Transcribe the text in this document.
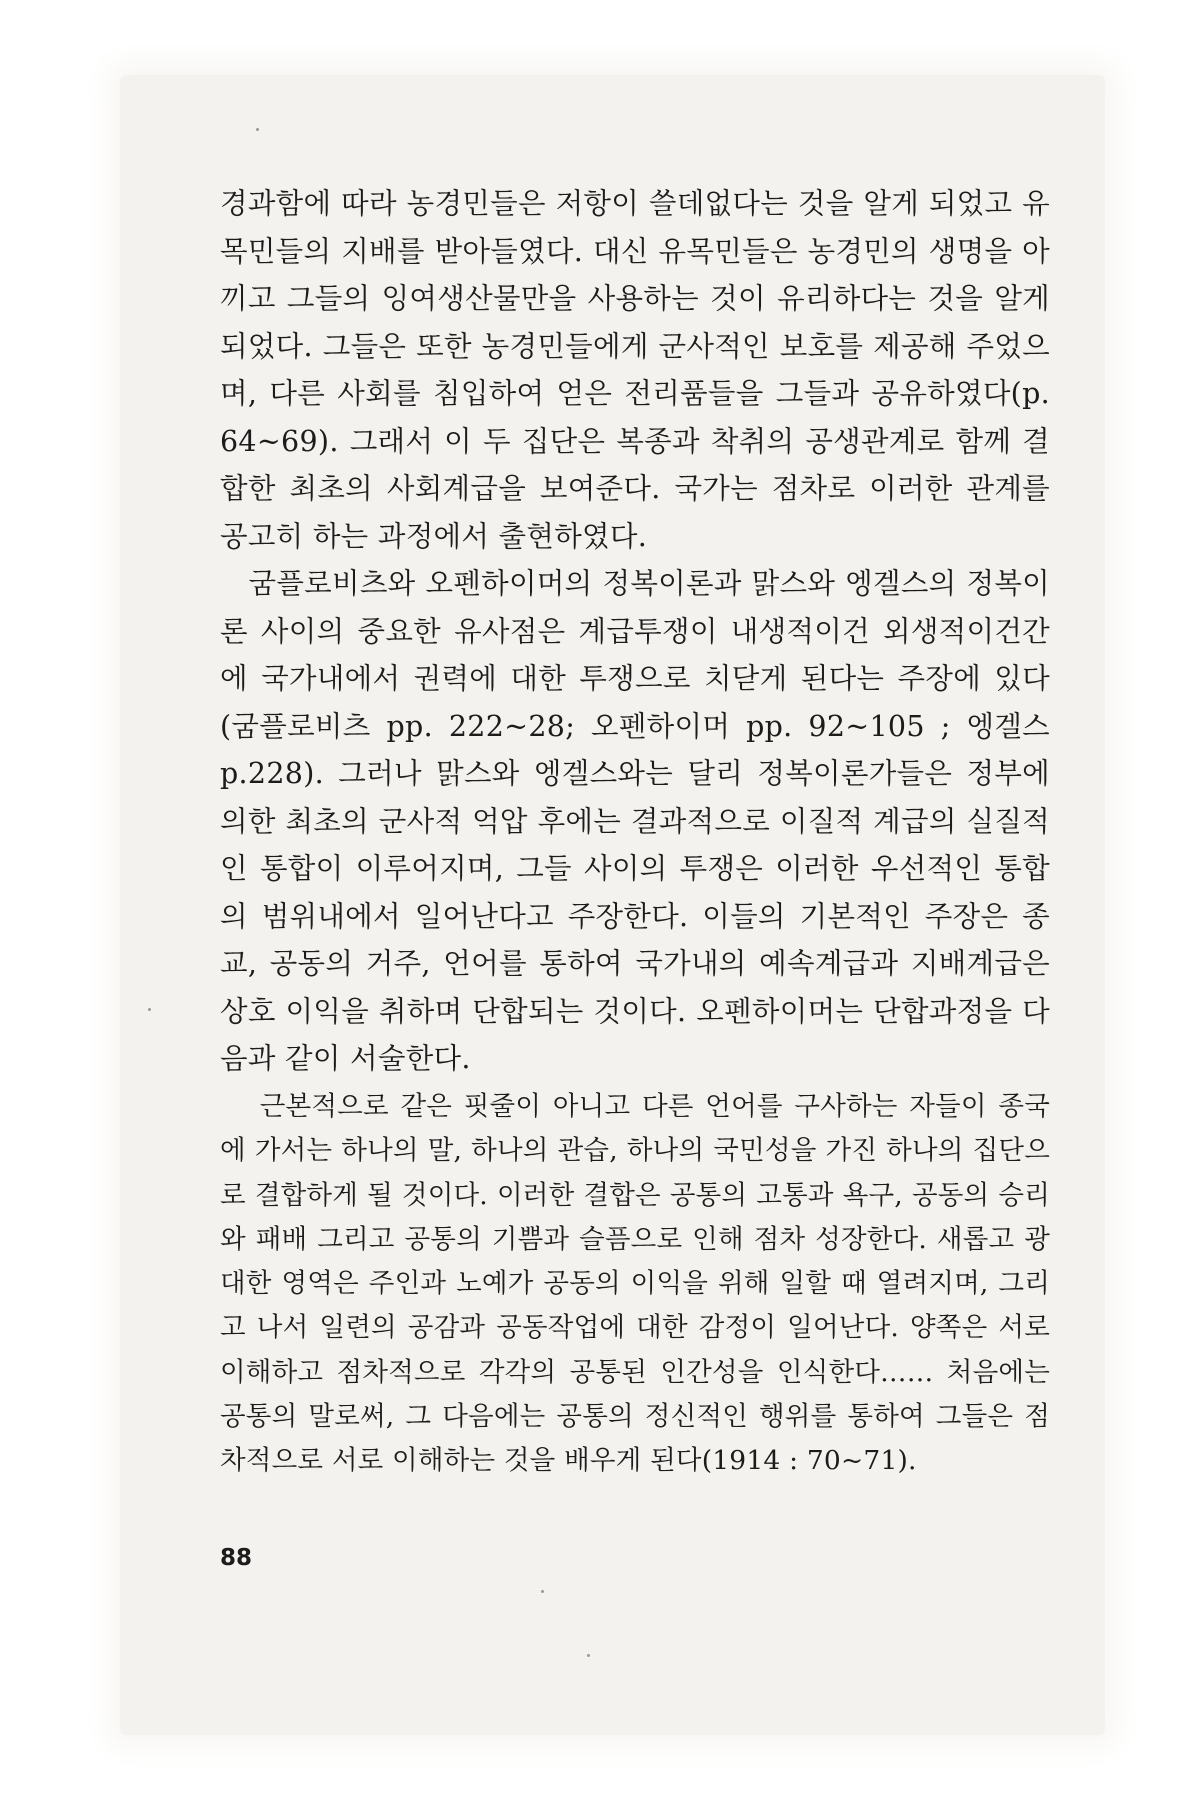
경과함에 따라 농경민들은 저항이 쓸데없다는 것을 알게 되었고 유목민들의 지배를 받아들였다. 대신 유목민들은 농경민의 생명을 아끼고 그들의 잉여생산물만을 사용하는 것이 유리하다는 것을 알게 되었다. 그들은 또한 농경민들에게 군사적인 보호를 제공해 주었으며, 다른 사회를 침입하여 얻은 전리품들을 그들과 공유하였다(p. 64~69). 그래서 이 두 집단은 복종과 착취의 공생관계로 함께 결합한 최초의 사회계급을 보여준다. 국가는 점차로 이러한 관계를 공고히 하는 과정에서 출현하였다.

굼플로비츠와 오펜하이머의 정복이론과 맑스와 엥겔스의 정복이론 사이의 중요한 유사점은 계급투쟁이 내생적이건 외생적이건간에 국가내에서 권력에 대한 투쟁으로 치닫게 된다는 주장에 있다(굼플로비츠 pp. 222~28; 오펜하이머 pp. 92~105 ; 엥겔스 p.228). 그러나 맑스와 엥겔스와는 달리 정복이론가들은 정부에 의한 최초의 군사적 억압 후에는 결과적으로 이질적 계급의 실질적인 통합이 이루어지며, 그들 사이의 투쟁은 이러한 우선적인 통합의 범위내에서 일어난다고 주장한다. 이들의 기본적인 주장은 종교, 공동의 거주, 언어를 통하여 국가내의 예속계급과 지배계급은 상호 이익을 취하며 단합되는 것이다. 오펜하이머는 단합과정을 다음과 같이 서술한다.

근본적으로 같은 핏줄이 아니고 다른 언어를 구사하는 자들이 종국에 가서는 하나의 말, 하나의 관습, 하나의 국민성을 가진 하나의 집단으로 결합하게 될 것이다. 이러한 결합은 공통의 고통과 욕구, 공동의 승리와 패배 그리고 공통의 기쁨과 슬픔으로 인해 점차 성장한다. 새롭고 광대한 영역은 주인과 노예가 공동의 이익을 위해 일할 때 열려지며, 그리고 나서 일련의 공감과 공동작업에 대한 감정이 일어난다. 양쪽은 서로 이해하고 점차적으로 각각의 공통된 인간성을 인식한다…… 처음에는 공통의 말로써, 그 다음에는 공통의 정신적인 행위를 통하여 그들은 점차적으로 서로 이해하는 것을 배우게 된다(1914 : 70~71).

88
